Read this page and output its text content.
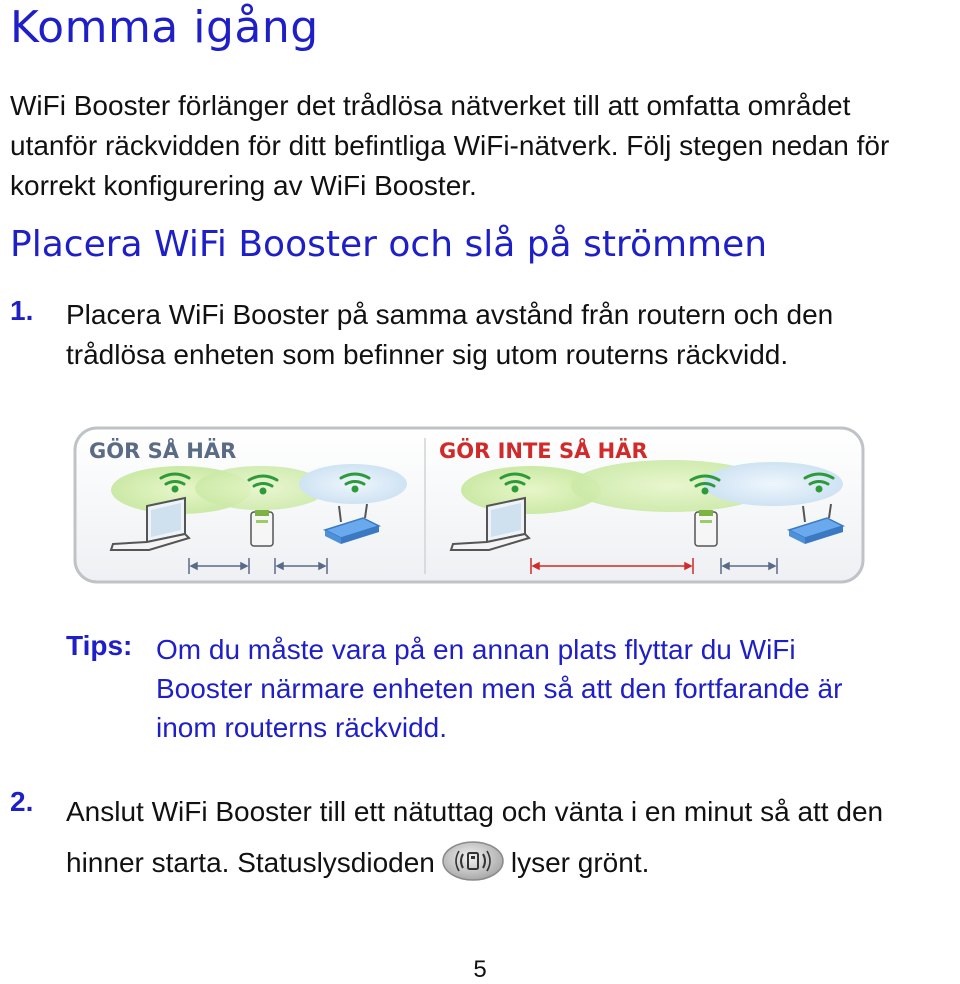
Komma igång

WiFi Booster förlänger det trådlösa nätverket till att omfatta området utanför räckvidden för ditt befintliga WiFi-nätverk. Följ stegen nedan för korrekt konfigurering av WiFi Booster.

Placera WiFi Booster och slå på strömmen
1. Placera WiFi Booster på samma avstånd från routern och den trådlösa enheten som befinner sig utom routerns räckvidd.
GÖR SÅ HÄR	GÖR INTE SÅ HÄR
Tips: Om du måste vara på en annan plats flyttar du WiFi Booster närmare enheten men så att den fortfarande är inom routerns räckvidd.
2. Anslut WiFi Booster till ett nätuttag och vänta i en minut så att den hinner starta. Statuslysdioden	lyser grönt.
5
